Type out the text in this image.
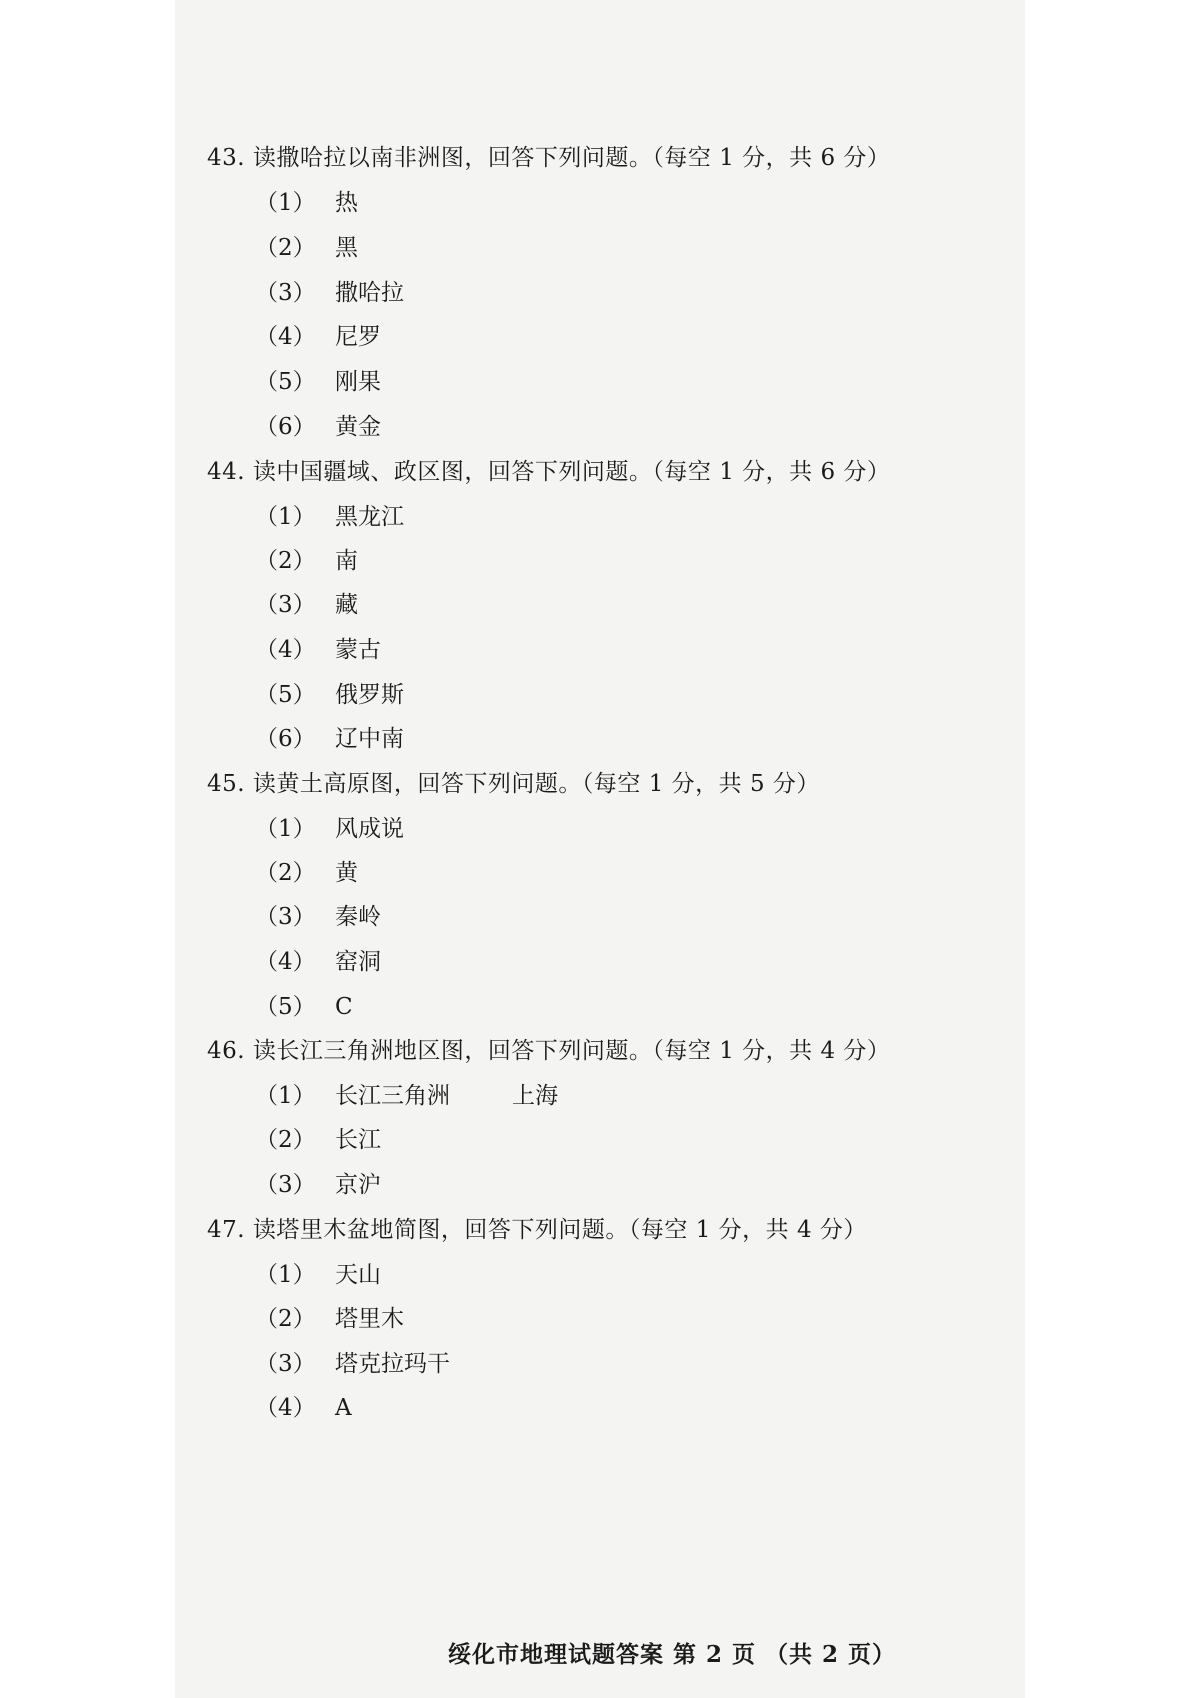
43. 读撒哈拉以南非洲图，回答下列问题。（每空 1 分，共 6 分）
（1） 热
（2） 黑
（3） 撒哈拉
（4） 尼罗
（5） 刚果
（6） 黄金
44. 读中国疆域、政区图，回答下列问题。（每空 1 分，共 6 分）
（1） 黑龙江
（2） 南
（3） 藏
（4） 蒙古
（5） 俄罗斯
（6） 辽中南
45. 读黄土高原图，回答下列问题。（每空 1 分，共 5 分）
（1） 风成说
（2） 黄
（3） 秦岭
（4） 窑洞
（5） C
46. 读长江三角洲地区图，回答下列问题。（每空 1 分，共 4 分）
（1） 长江三角洲	上海
（2） 长江
（3） 京沪
47. 读塔里木盆地简图，回答下列问题。（每空 1 分，共 4 分）
（1） 天山
（2） 塔里木
（3） 塔克拉玛干
（4） A
绥化市地理试题答案 第 2 页 （共 2 页）
